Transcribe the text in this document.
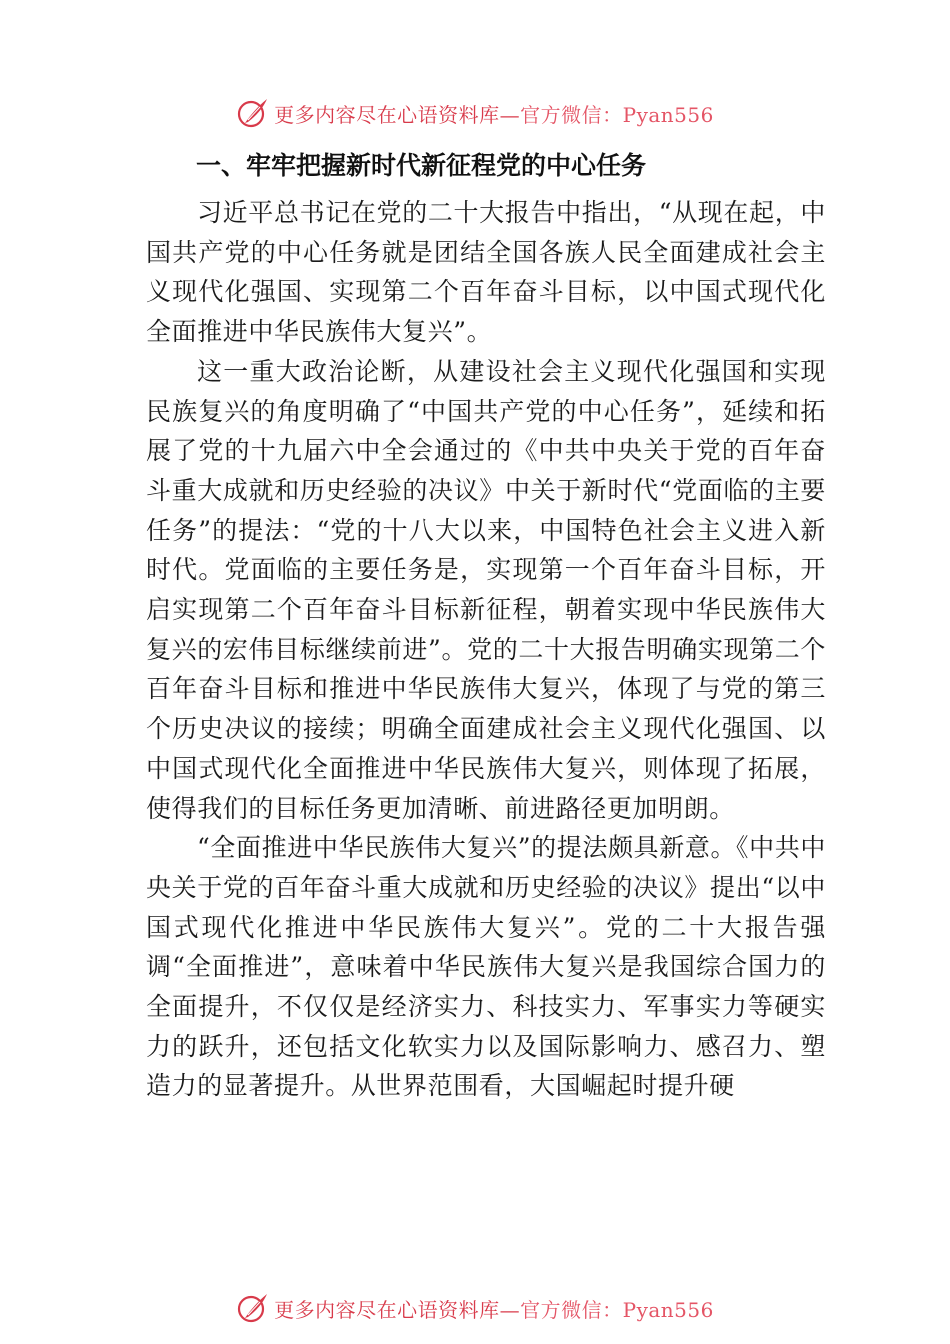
更多内容尽在心语资料库—官方微信：Pyan556
一、牢牢把握新时代新征程党的中心任务

习近平总书记在党的二十大报告中指出，“从现在起，中国共产党的中心任务就是团结全国各族人民全面建成社会主义现代化强国、实现第二个百年奋斗目标，以中国式现代化全面推进中华民族伟大复兴”。

这一重大政治论断，从建设社会主义现代化强国和实现民族复兴的角度明确了“中国共产党的中心任务”，延续和拓展了党的十九届六中全会通过的《中共中央关于党的百年奋斗重大成就和历史经验的决议》中关于新时代“党面临的主要任务”的提法：“党的十八大以来，中国特色社会主义进入新时代。党面临的主要任务是，实现第一个百年奋斗目标，开启实现第二个百年奋斗目标新征程，朝着实现中华民族伟大复兴的宏伟目标继续前进”。党的二十大报告明确实现第二个百年奋斗目标和推进中华民族伟大复兴，体现了与党的第三个历史决议的接续；明确全面建成社会主义现代化强国、以中国式现代化全面推进中华民族伟大复兴，则体现了拓展，使得我们的目标任务更加清晰、前进路径更加明朗。

“全面推进中华民族伟大复兴”的提法颇具新意。《中共中央关于党的百年奋斗重大成就和历史经验的决议》提出“以中国式现代化推进中华民族伟大复兴”。党的二十大报告强调“全面推进”，意味着中华民族伟大复兴是我国综合国力的全面提升，不仅仅是经济实力、科技实力、军事实力等硬实力的跃升，还包括文化软实力以及国际影响力、感召力、塑造力的显著提升。从世界范围看，大国崛起时提升硬

更多内容尽在心语资料库—官方微信：Pyan556
